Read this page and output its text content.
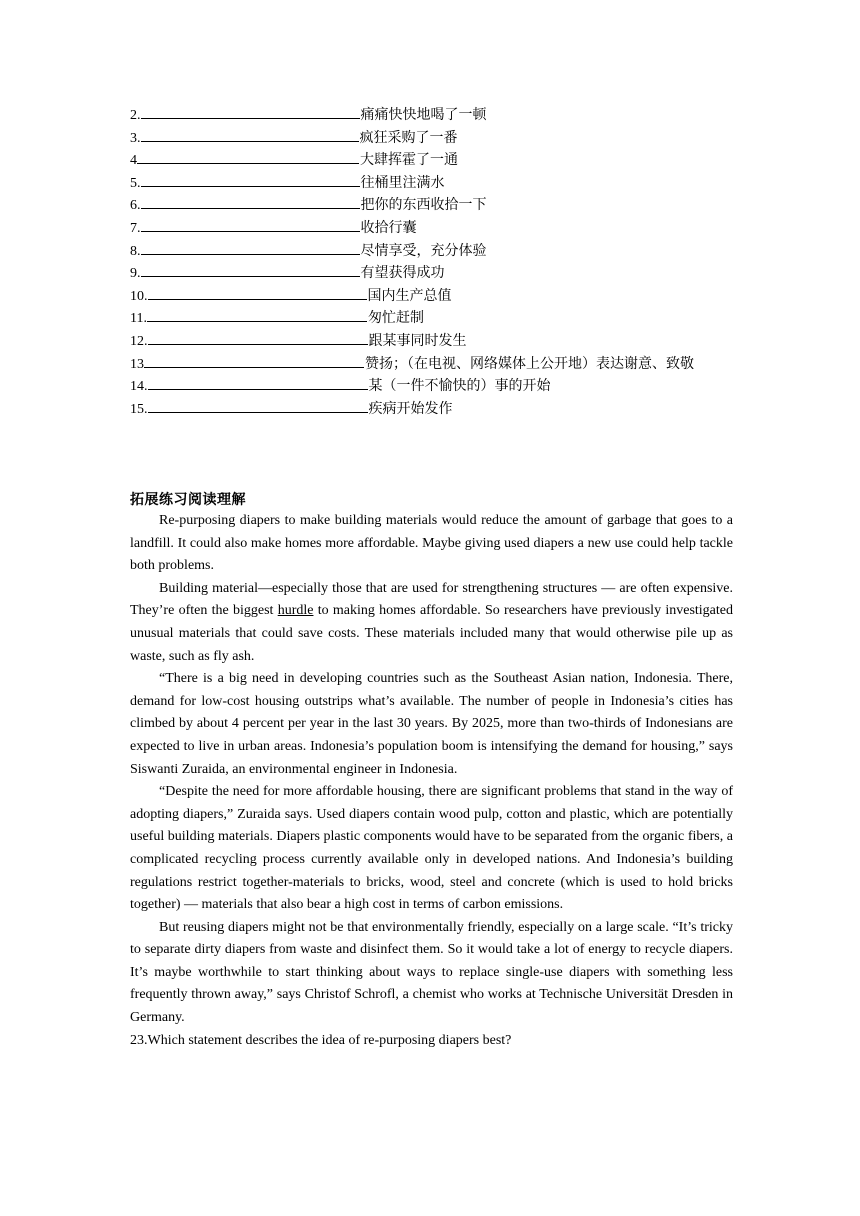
2.	痛痛快快地喝了一顿
3.	疯狂采购了一番
4	大肆挥霍了一通
5.	往桶里注满水
6.	把你的东西收拾一下
7.	收拾行囊
8.	尽情享受，充分体验
9.	有望获得成功
10.	国内生产总值
11.	匆忙赶制
12.	跟某事同时发生
13	赞扬；（在电视、网络媒体上公开地）表达谢意、致敬
14.	某（一件不愉快的）事的开始
15.	疾病开始发作
拓展练习阅读理解

Re-purposing diapers to make building materials would reduce the amount of garbage that goes to a landfill. It could also make homes more affordable. Maybe giving used diapers a new use could help tackle both problems.

Building material—especially those that are used for strengthening structures — are often expensive. They’re often the biggest hurdle to making homes affordable. So researchers have previously investigated unusual materials that could save costs. These materials included many that would otherwise pile up as waste, such as fly ash.

“There is a big need in developing countries such as the Southeast Asian nation, Indonesia. There, demand for low-cost housing outstrips what’s available. The number of people in Indonesia’s cities has climbed by about 4 percent per year in the last 30 years. By 2025, more than two-thirds of Indonesians are expected to live in urban areas. Indonesia’s population boom is intensifying the demand for housing,” says Siswanti Zuraida, an environmental engineer in Indonesia.

“Despite the need for more affordable housing, there are significant problems that stand in the way of adopting diapers,” Zuraida says. Used diapers contain wood pulp, cotton and plastic, which are potentially useful building materials. Diapers plastic components would have to be separated from the organic fibers, a complicated recycling process currently available only in developed nations. And Indonesia’s building regulations restrict together-materials to bricks, wood, steel and concrete (which is used to hold bricks together) — materials that also bear a high cost in terms of carbon emissions.

But reusing diapers might not be that environmentally friendly, especially on a large scale. “It’s tricky to separate dirty diapers from waste and disinfect them. So it would take a lot of energy to recycle diapers. It’s maybe worthwhile to start thinking about ways to replace single-use diapers with something less frequently thrown away,” says Christof Schrofl, a chemist who works at Technische Universität Dresden in Germany.

23.Which statement describes the idea of re-purposing diapers best?
